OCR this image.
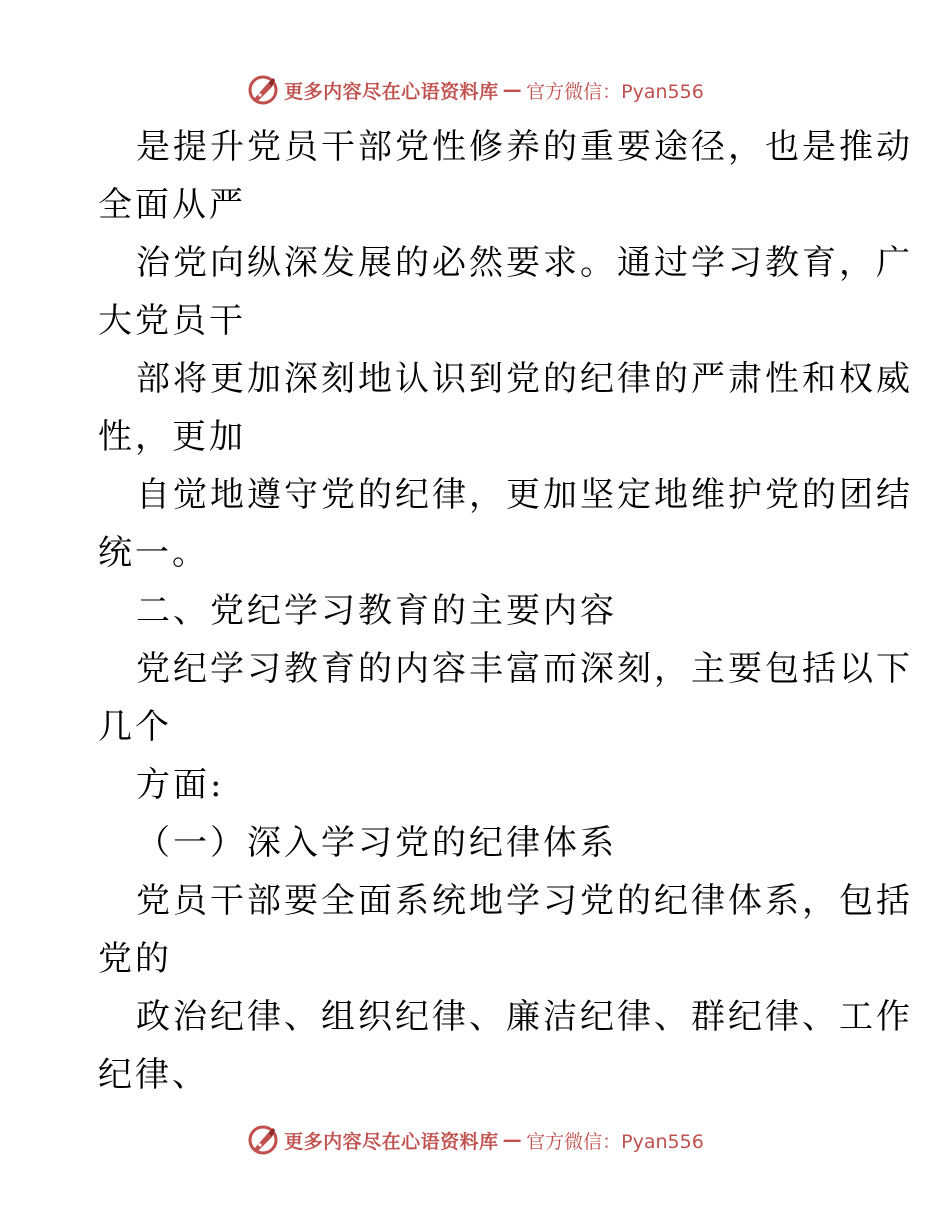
更多内容尽在心语资料库 — 官方微信：Pyan556
是提升党员干部党性修养的重要途径，也是推动
全面从严
治党向纵深发展的必然要求。通过学习教育，广
大党员干
部将更加深刻地认识到党的纪律的严肃性和权威
性，更加
自觉地遵守党的纪律，更加坚定地维护党的团结
统一。
二、党纪学习教育的主要内容
党纪学习教育的内容丰富而深刻，主要包括以下
几个
方面:
（一）深入学习党的纪律体系
党员干部要全面系统地学习党的纪律体系，包括
党的
政治纪律、组织纪律、廉洁纪律、群纪律、工作
纪律、
更多内容尽在心语资料库 — 官方微信：Pyan556
